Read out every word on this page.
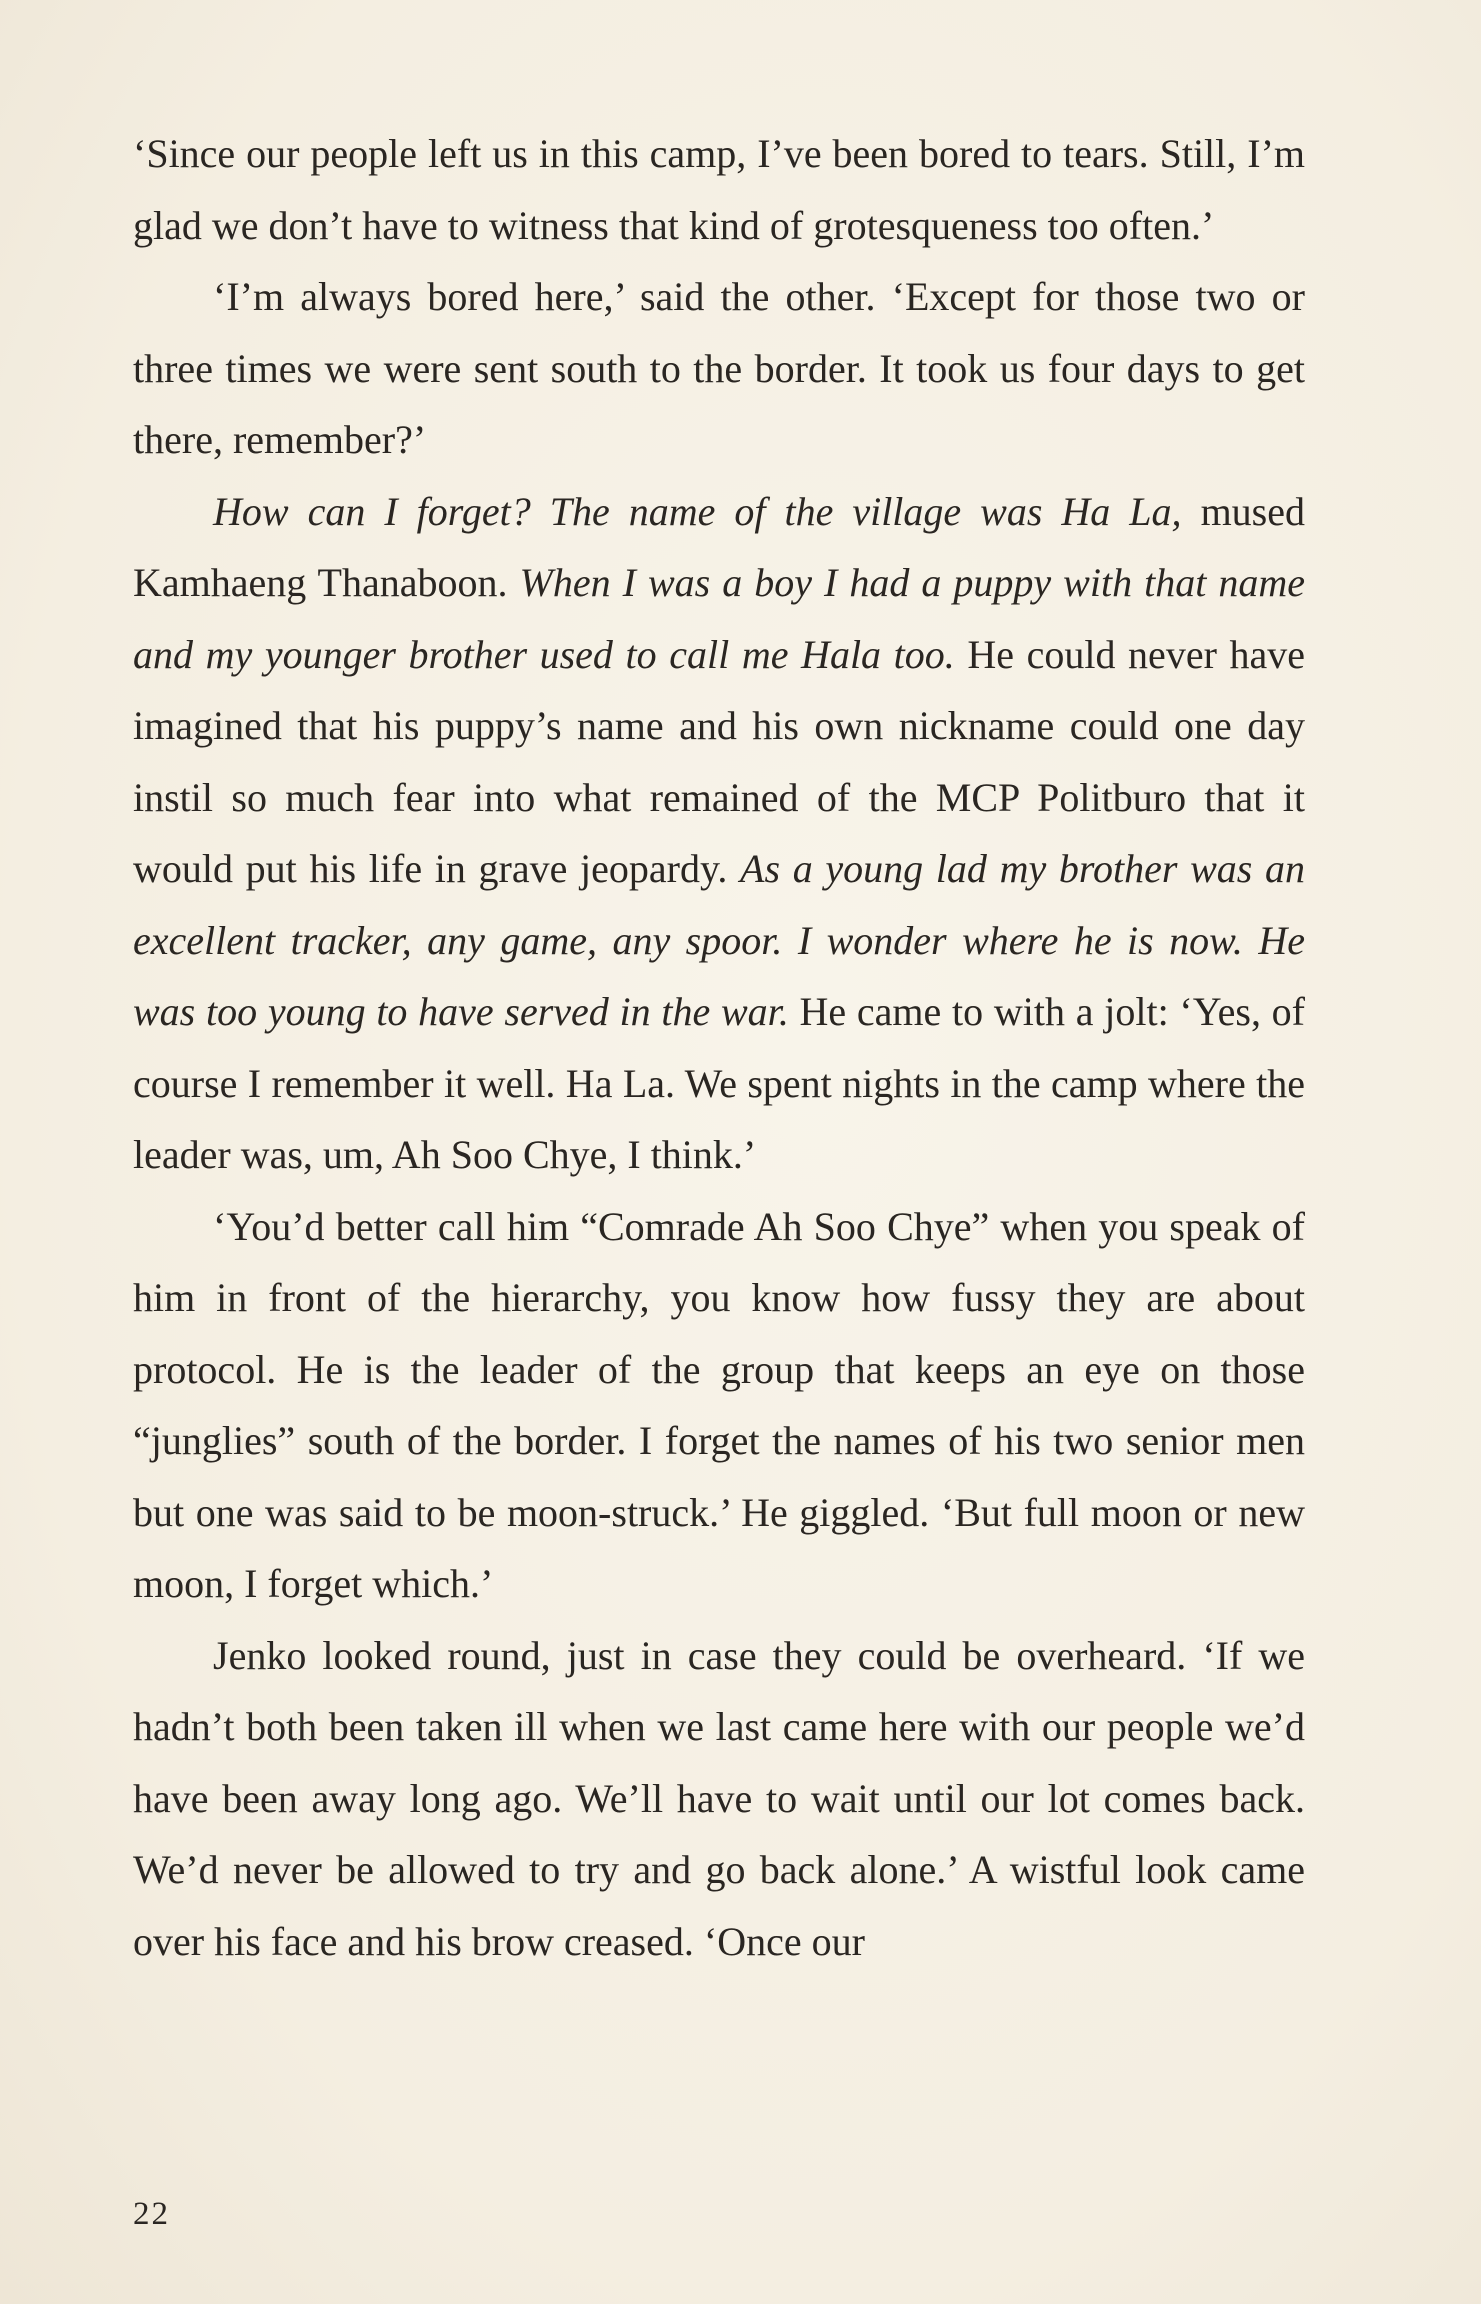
‘Since our people left us in this camp, I’ve been bored to tears. Still, I’m glad we don’t have to witness that kind of grotesqueness too often.’

‘I’m always bored here,’ said the other. ‘Except for those two or three times we were sent south to the border. It took us four days to get there, remember?’

How can I forget? The name of the village was Ha La, mused Kamhaeng Thanaboon. When I was a boy I had a puppy with that name and my younger brother used to call me Hala too. He could never have imagined that his puppy’s name and his own nickname could one day instil so much fear into what remained of the MCP Politburo that it would put his life in grave jeopardy. As a young lad my brother was an excellent tracker, any game, any spoor. I wonder where he is now. He was too young to have served in the war. He came to with a jolt: ‘Yes, of course I remember it well. Ha La. We spent nights in the camp where the leader was, um, Ah Soo Chye, I think.’

‘You’d better call him “Comrade Ah Soo Chye” when you speak of him in front of the hierarchy, you know how fussy they are about protocol. He is the leader of the group that keeps an eye on those “junglies” south of the border. I forget the names of his two senior men but one was said to be moon-struck.’ He giggled. ‘But full moon or new moon, I forget which.’

Jenko looked round, just in case they could be overheard. ‘If we hadn’t both been taken ill when we last came here with our people we’d have been away long ago. We’ll have to wait until our lot comes back. We’d never be allowed to try and go back alone.’ A wistful look came over his face and his brow creased. ‘Once our

22
